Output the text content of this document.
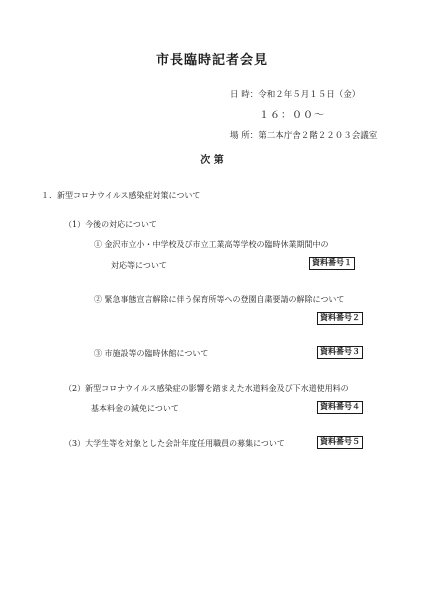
市長臨時記者会見
日 時：令和２年５月１５日（金）
１６：００～
場 所：第二本庁舎２階２２０３会議室
次 第
１．新型コロナウイルス感染症対策について
（1）今後の対応について
① 金沢市立小・中学校及び市立工業高等学校の臨時休業期間中の
対応等について	資料番号１
② 緊急事態宣言解除に伴う保育所等への登園自粛要請の解除について
資料番号２
③ 市施設等の臨時休館について	資料番号３
（2）新型コロナウイルス感染症の影響を踏まえた水道料金及び下水道使用料の
基本料金の減免について	資料番号４
（3）大学生等を対象とした会計年度任用職員の募集について	資料番号５
